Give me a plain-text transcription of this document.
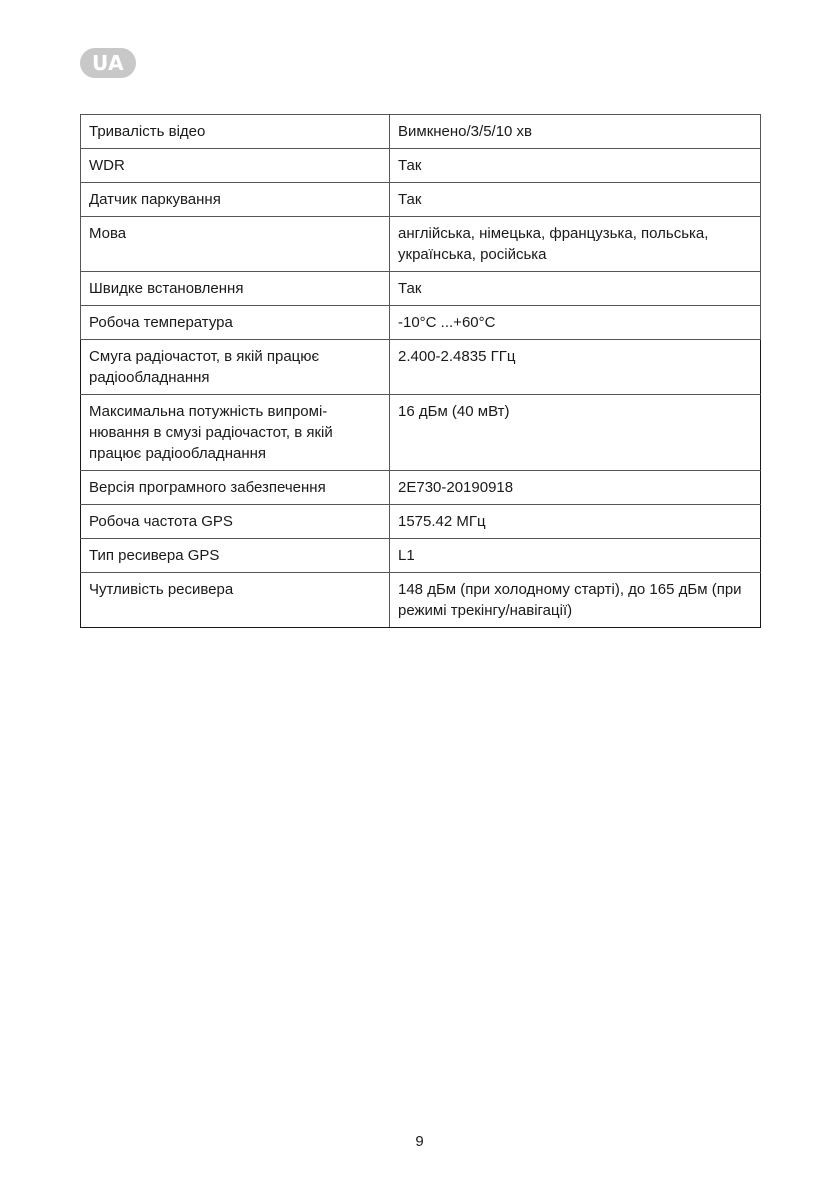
UA
Тривалість відео	Вимкнено/3/5/10 хв
WDR	Так
Датчик паркування	Так
Мова	англійська, німецька, французька, польська, українська, російська
Швидке встановлення	Так
Робоча температура	-10°C ...+60°C
Смуга радіочастот, в якій працює радіообладнання	2.400-2.4835 ГГц
Максимальна потужність випромі-нювання в смузі радіочастот, в якій працює радіообладнання	16 дБм (40 мВт)
Версія програмного забезпечення	2E730-20190918
Робоча частота GPS	1575.42 МГц
Тип ресивера GPS	L1
Чутливість ресивера	148 дБм (при холодному старті), до 165 дБм (при режимі трекінгу/навігації)
9
